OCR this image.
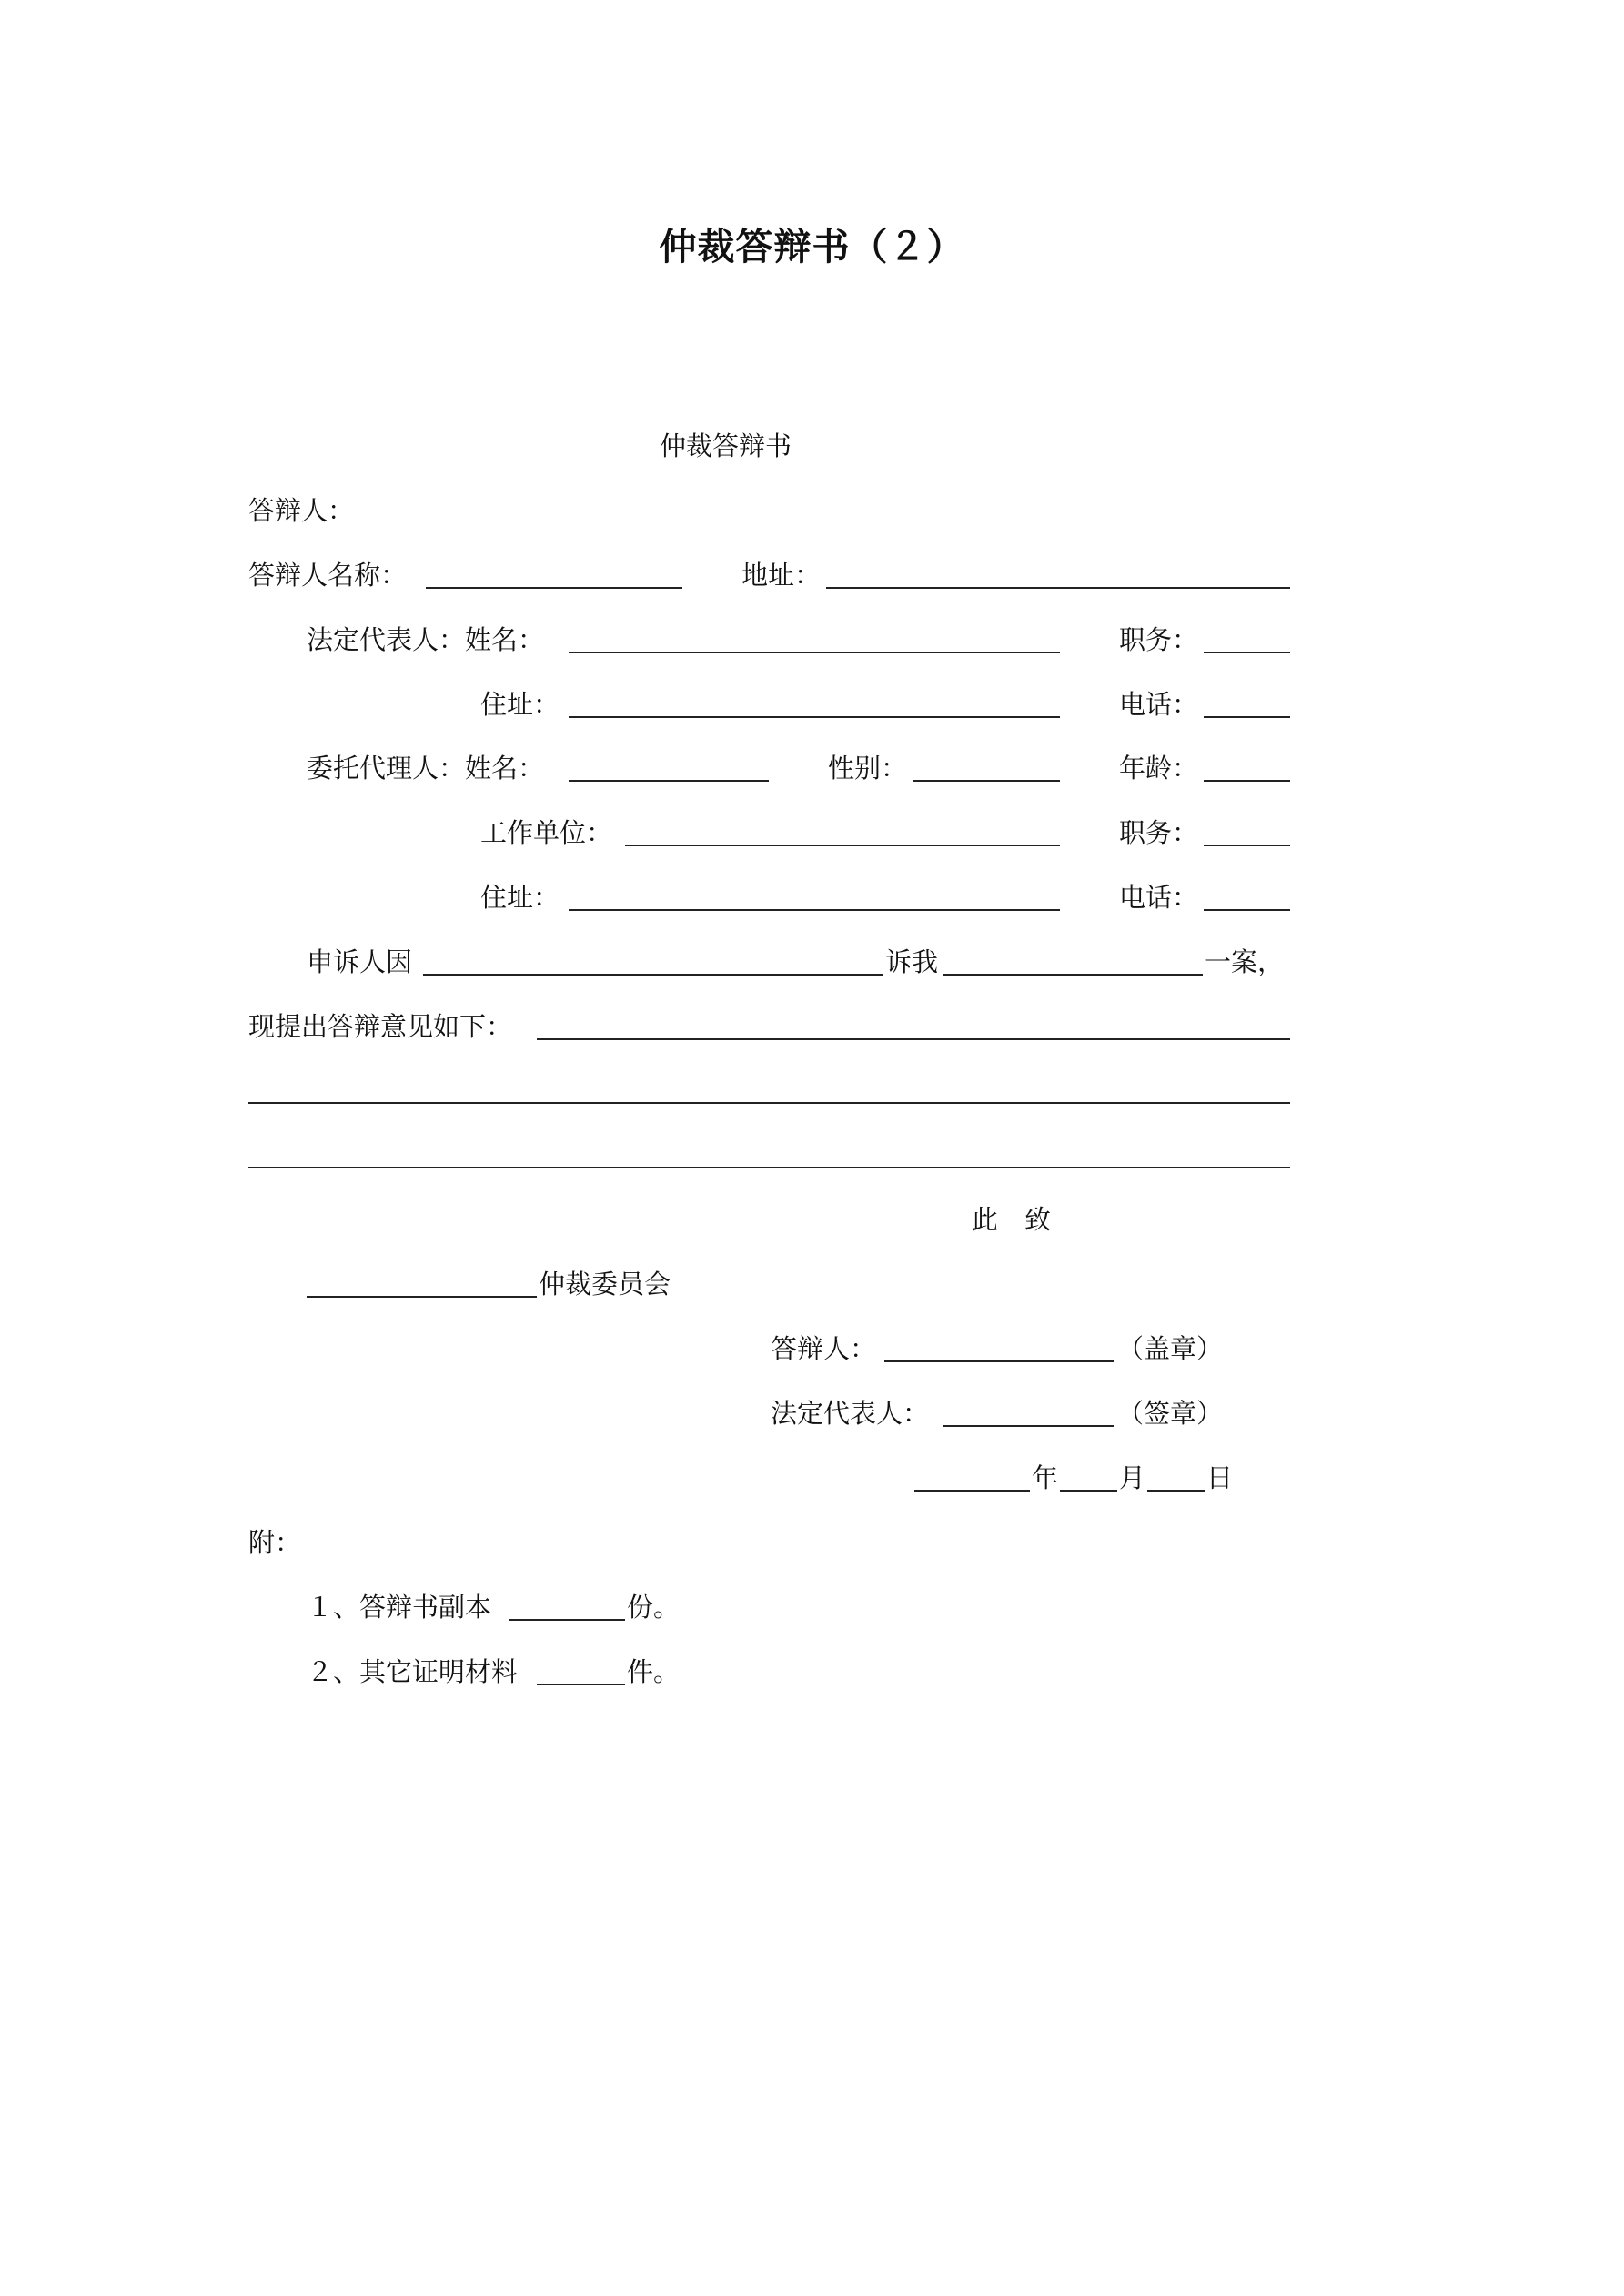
仲裁答辩书（２）
仲裁答辩书
答辩人：
答辩人名称：	地址：
法定代表人：姓名：	职务：
住址：	电话：
委托代理人：姓名：	性别：	年龄：
工作单位：	职务：
住址：	电话：
申诉人因	诉我	一案，
现提出答辩意见如下：
此　致
仲裁委员会
答辩人：	（盖章）
法定代表人：	（签章）
年 月 日
附：
１、答辩书副本	份。
２、其它证明材料	件。
